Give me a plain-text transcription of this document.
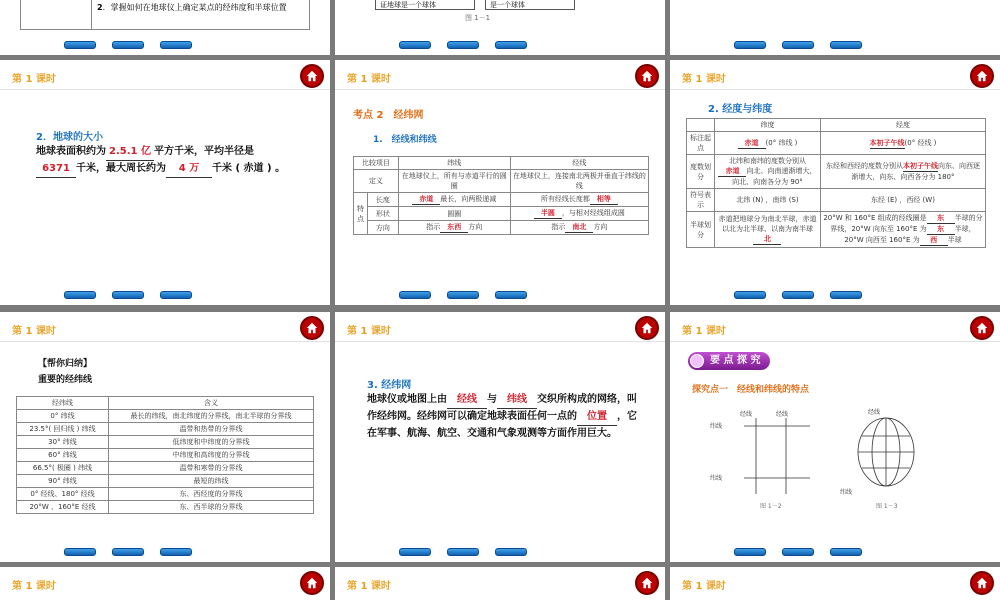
2．掌握如何在地球仪上确定某点的经纬度和半球位置	证地球是一个球体	是一个球体
图 1－1
第 1 课时
2．地球的大小
地球表面积约为 2.5.1 亿 平方千米，平均半径是
6371 千米，最大周长约为 4 万 千米 ( 赤道 ) 。
第 1 课时
考点 2　经纬网
1.　经线和纬线
比较项目		纬线	经线
定义		在地球仪上，所有与赤道平行的圆圈	在地球仪上，连接南北两极并垂直于纬线的线
特点	长度	赤道 最长，向两极递减	所有经线长度都 相等
	形状	圆圈	半圆 ，与相对经线组成圆
	方向	指示 东西 方向	指示 南北 方向
第 1 课时
2. 经度与纬度
	纬度	经度
标注起点	赤道 (0° 纬线 )	本初子午线(0° 经线 )
度数划分	北纬和南纬的度数分别从赤道 向北、向南递渐增大，向北、向南各分为 90°	东经和西经的度数分别从本初子午线向东、向西逐渐增大，向东、向西各分为 180°
符号表示	北纬 (N) ，南纬 (S)	东经 (E) ，西经 (W)
半球划分	赤道把地球分为南北半球，赤道以北为北半球、以南为南半球 北	20°W 和 160°E 组成的经线圈是 东 半球的分界线，20°W 向东至 160°E 为 东 半球，20°W 向西至 160°E 为 西 半球
第 1 课时
【帮你归纳】
重要的经纬线
经纬线	含义
0° 纬线	最长的纬线，南北纬度的分界线，南北半球的分界线
23.5°( 回归线 ) 纬线	温带和热带的分界线
30° 纬线	低纬度和中纬度的分界线
60° 纬线	中纬度和高纬度的分界线
66.5°( 极圈 ) 纬线	温带和寒带的分界线
90° 纬线	最短的纬线
0° 经线、180° 经线	东、西经度的分界线
20°W 、160°E 经线	东、西半球的分界线
第 1 课时
3. 经纬网
地球仪或地图上由 经线 与 纬线 交织所构成的网络，叫作经纬网。经纬网可以确定地球表面任何一点的 位置 ，它在军事、航海、航空、交通和气象观测等方面作用巨大。
第 1 课时
要 点 探 究
探究点一　经线和纬线的特点
经线	经线
纬线
纬线
经线
纬线
图 1－2	图 1－3
第 1 课时	第 1 课时	第 1 课时
